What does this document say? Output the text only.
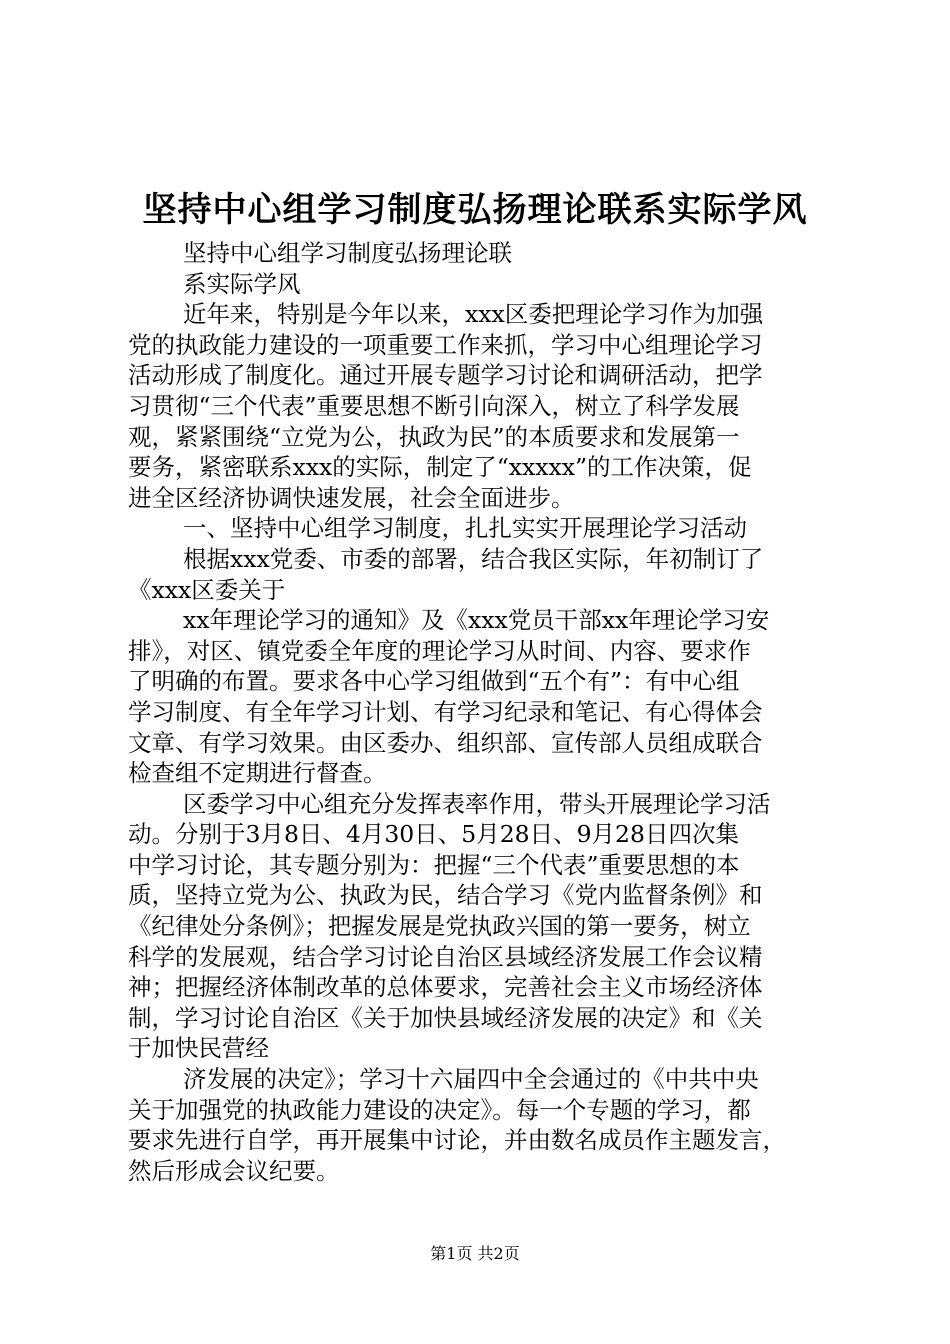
坚持中心组学习制度弘扬理论联系实际学风
坚持中心组学习制度弘扬理论联
系实际学风
近年来，特别是今年以来，xxx区委把理论学习作为加强
党的执政能力建设的一项重要工作来抓，学习中心组理论学习
活动形成了制度化。通过开展专题学习讨论和调研活动，把学
习贯彻“三个代表”重要思想不断引向深入，树立了科学发展
观，紧紧围绕“立党为公，执政为民”的本质要求和发展第一
要务，紧密联系xxx的实际，制定了“xxxxx”的工作决策，促
进全区经济协调快速发展，社会全面进步。
一、坚持中心组学习制度，扎扎实实开展理论学习活动
根据xxx党委、市委的部署，结合我区实际，年初制订了
《xxx区委关于
xx年理论学习的通知》及《xxx党员干部xx年理论学习安
排》，对区、镇党委全年度的理论学习从时间、内容、要求作
了明确的布置。要求各中心学习组做到“五个有”：有中心组
学习制度、有全年学习计划、有学习纪录和笔记、有心得体会
文章、有学习效果。由区委办、组织部、宣传部人员组成联合
检查组不定期进行督查。
区委学习中心组充分发挥表率作用，带头开展理论学习活
动。分别于3月8日、4月30日、5月28日、9月28日四次集
中学习讨论，其专题分别为：把握“三个代表”重要思想的本
质，坚持立党为公、执政为民，结合学习《党内监督条例》和
《纪律处分条例》；把握发展是党执政兴国的第一要务，树立
科学的发展观，结合学习讨论自治区县域经济发展工作会议精
神；把握经济体制改革的总体要求，完善社会主义市场经济体
制，学习讨论自治区《关于加快县域经济发展的决定》和《关
于加快民营经
济发展的决定》；学习十六届四中全会通过的《中共中央
关于加强党的执政能力建设的决定》。每一个专题的学习，都
要求先进行自学，再开展集中讨论，并由数名成员作主题发言，
然后形成会议纪要。
第1页 共2页
